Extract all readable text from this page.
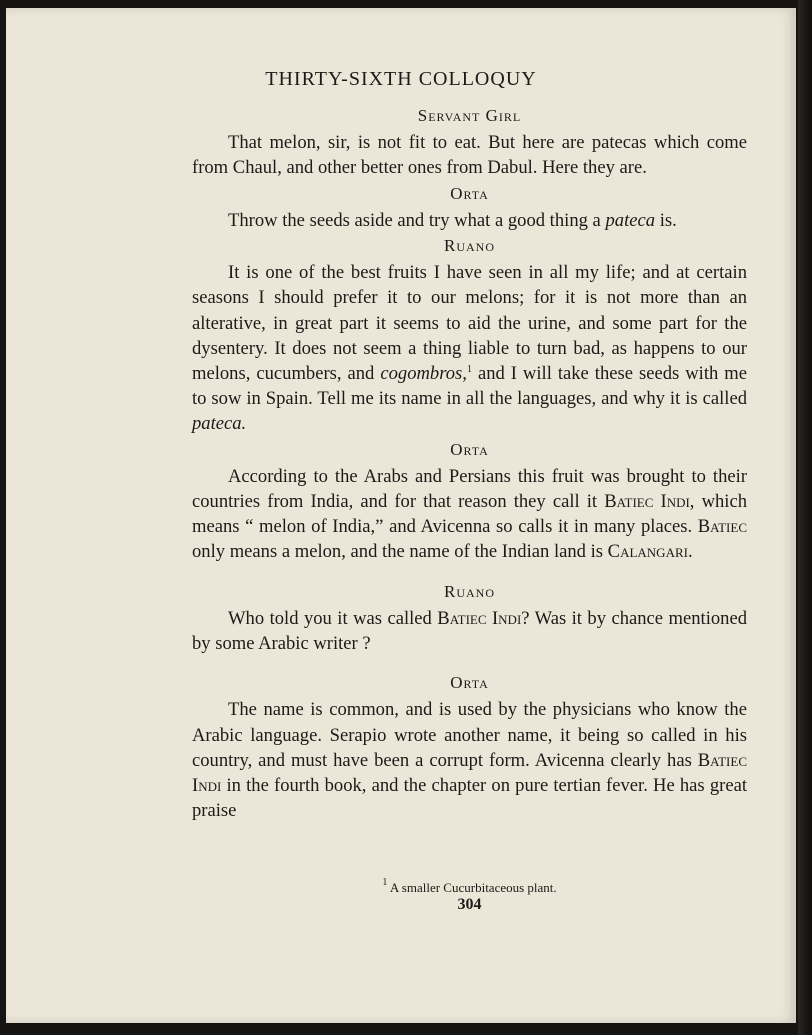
THIRTY-SIXTH COLLOQUY
Servant Girl

That melon, sir, is not fit to eat. But here are patecas which come from Chaul, and other better ones from Dabul. Here they are.

Orta

Throw the seeds aside and try what a good thing a pateca is.

Ruano

It is one of the best fruits I have seen in all my life; and at certain seasons I should prefer it to our melons; for it is not more than an alterative, in great part it seems to aid the urine, and some part for the dysentery. It does not seem a thing liable to turn bad, as happens to our melons, cucumbers, and cogombros,$^1$ and I will take these seeds with me to sow in Spain. Tell me its name in all the languages, and why it is called pateca.

Orta

According to the Arabs and Persians this fruit was brought to their countries from India, and for that reason they call it Batiec Indi, which means “ melon of India,” and Avicenna so calls it in many places. Batiec only means a melon, and the name of the Indian land is Calangari.

Ruano

Who told you it was called Batiec Indi? Was it by chance mentioned by some Arabic writer ?

Orta

The name is common, and is used by the physicians who know the Arabic language. Serapio wrote another name, it being so called in his country, and must have been a corrupt form. Avicenna clearly has Batiec Indi in the fourth book, and the chapter on pure tertian fever. He has great praise

$^1$ A smaller Cucurbitaceous plant.
304
